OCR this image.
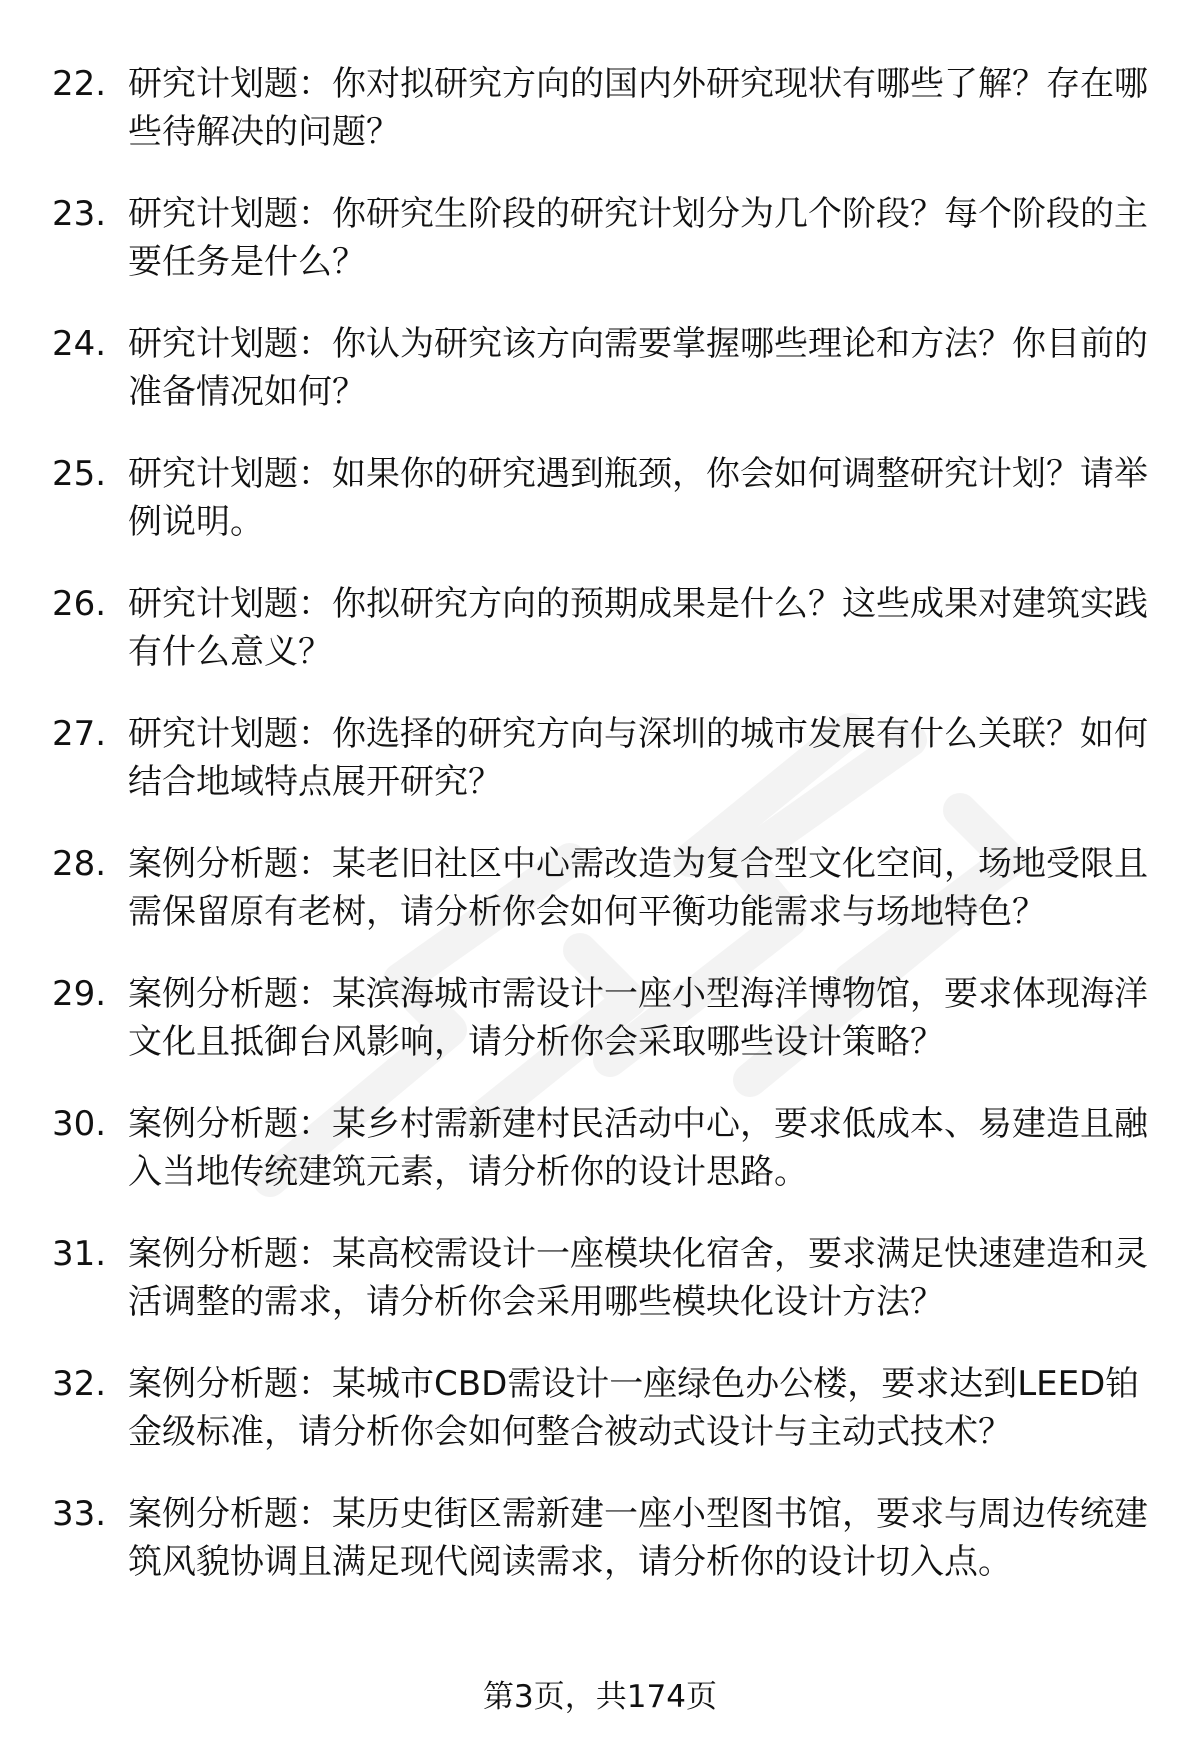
22. 研究计划题：你对拟研究方向的国内外研究现状有哪些了解？存在哪些待解决的问题？
23. 研究计划题：你研究生阶段的研究计划分为几个阶段？每个阶段的主要任务是什么？
24. 研究计划题：你认为研究该方向需要掌握哪些理论和方法？你目前的准备情况如何？
25. 研究计划题：如果你的研究遇到瓶颈，你会如何调整研究计划？请举例说明。
26. 研究计划题：你拟研究方向的预期成果是什么？这些成果对建筑实践有什么意义？
27. 研究计划题：你选择的研究方向与深圳的城市发展有什么关联？如何结合地域特点展开研究？
28. 案例分析题：某老旧社区中心需改造为复合型文化空间，场地受限且需保留原有老树，请分析你会如何平衡功能需求与场地特色？
29. 案例分析题：某滨海城市需设计一座小型海洋博物馆，要求体现海洋文化且抵御台风影响，请分析你会采取哪些设计策略？
30. 案例分析题：某乡村需新建村民活动中心，要求低成本、易建造且融入当地传统建筑元素，请分析你的设计思路。
31. 案例分析题：某高校需设计一座模块化宿舍，要求满足快速建造和灵活调整的需求，请分析你会采用哪些模块化设计方法？
32. 案例分析题：某城市CBD需设计一座绿色办公楼，要求达到LEED铂金级标准，请分析你会如何整合被动式设计与主动式技术？
33. 案例分析题：某历史街区需新建一座小型图书馆，要求与周边传统建筑风貌协调且满足现代阅读需求，请分析你的设计切入点。
第3页，共174页
